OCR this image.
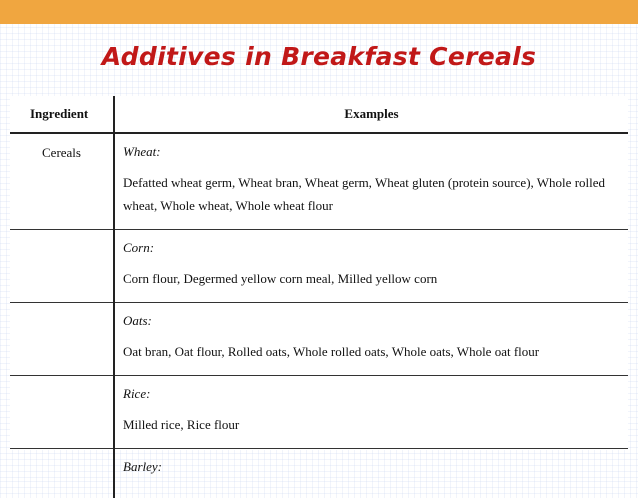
Additives in Breakfast Cereals
Ingredient	Examples
Cereals	Wheat:
Defatted wheat germ, Wheat bran, Wheat germ, Wheat gluten (protein source), Whole rolled wheat, Whole wheat, Whole wheat flour

	Corn:
Corn flour, Degermed yellow corn meal, Milled yellow corn

	Oats:
Oat bran, Oat flour, Rolled oats, Whole rolled oats, Whole oats, Whole oat flour

	Rice:
Milled rice, Rice flour

	Barley:
